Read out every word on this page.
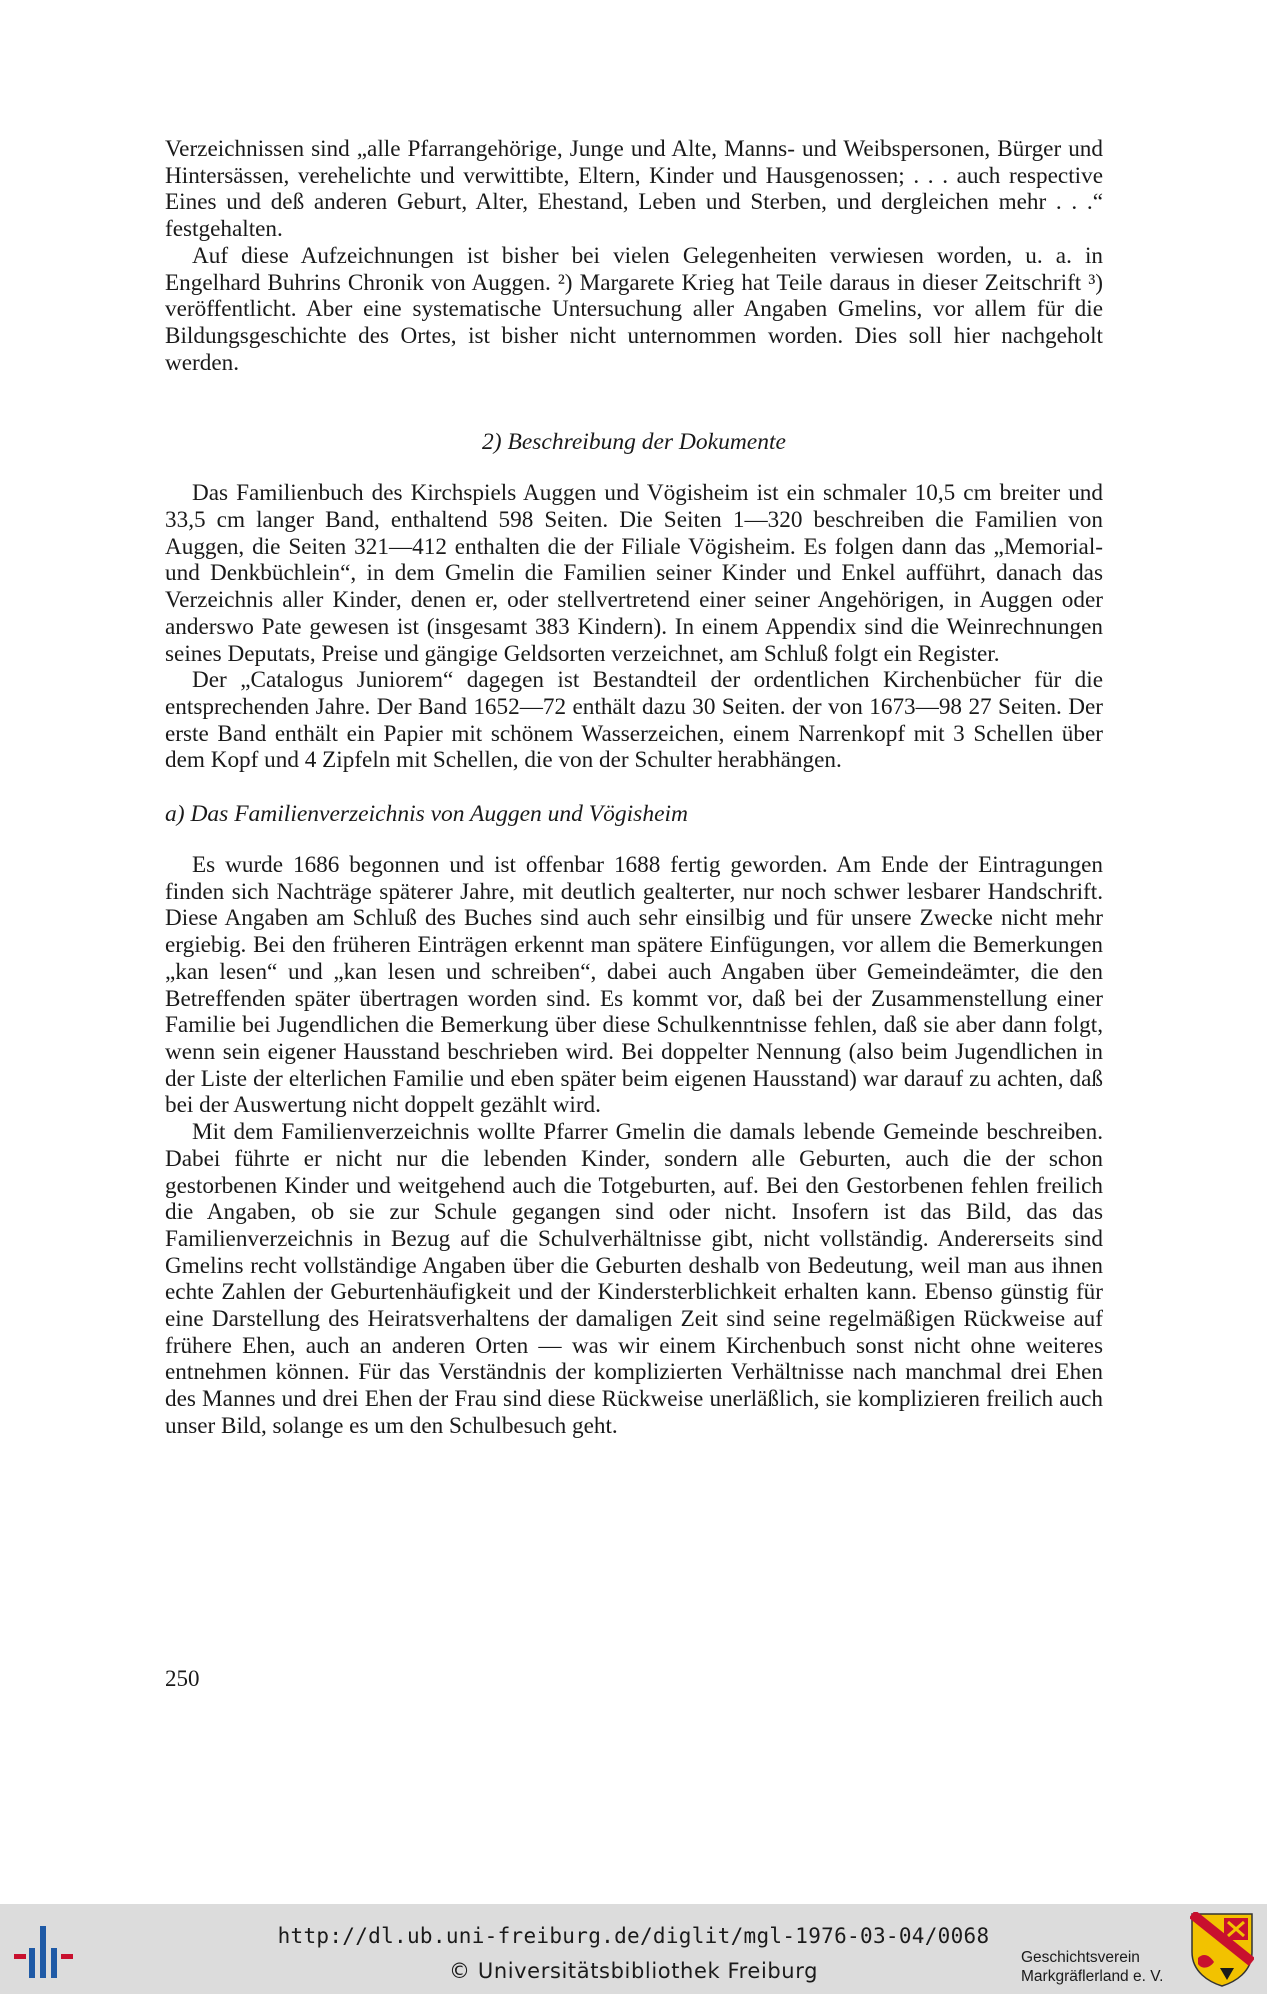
Verzeichnissen sind „alle Pfarrangehörige, Junge und Alte, Manns- und Weibspersonen, Bürger und Hintersässen, verehelichte und verwittibte, Eltern, Kinder und Hausgenossen; . . . auch respective Eines und deß anderen Geburt, Alter, Ehestand, Leben und Sterben, und dergleichen mehr . . .“ festgehalten.

Auf diese Aufzeichnungen ist bisher bei vielen Gelegenheiten verwiesen worden, u. a. in Engelhard Buhrins Chronik von Auggen. ²) Margarete Krieg hat Teile daraus in dieser Zeitschrift ³) veröffentlicht. Aber eine systematische Untersuchung aller Angaben Gmelins, vor allem für die Bildungsgeschichte des Ortes, ist bisher nicht unternommen worden. Dies soll hier nachgeholt werden.

2) Beschreibung der Dokumente

Das Familienbuch des Kirchspiels Auggen und Vögisheim ist ein schmaler 10,5 cm breiter und 33,5 cm langer Band, enthaltend 598 Seiten. Die Seiten 1—320 beschreiben die Familien von Auggen, die Seiten 321—412 enthalten die der Filiale Vögisheim. Es folgen dann das „Memorial- und Denkbüchlein“, in dem Gmelin die Familien seiner Kinder und Enkel aufführt, danach das Verzeichnis aller Kinder, denen er, oder stellvertretend einer seiner Angehörigen, in Auggen oder anderswo Pate gewesen ist (insgesamt 383 Kindern). In einem Appendix sind die Weinrechnungen seines Deputats, Preise und gängige Geldsorten verzeichnet, am Schluß folgt ein Register.

Der „Catalogus Juniorem“ dagegen ist Bestandteil der ordentlichen Kirchenbücher für die entsprechenden Jahre. Der Band 1652—72 enthält dazu 30 Seiten. der von 1673—98 27 Seiten. Der erste Band enthält ein Papier mit schönem Wasserzeichen, einem Narrenkopf mit 3 Schellen über dem Kopf und 4 Zipfeln mit Schellen, die von der Schulter herabhängen.

a) Das Familienverzeichnis von Auggen und Vögisheim

Es wurde 1686 begonnen und ist offenbar 1688 fertig geworden. Am Ende der Eintragungen finden sich Nachträge späterer Jahre, mit deutlich gealterter, nur noch schwer lesbarer Handschrift. Diese Angaben am Schluß des Buches sind auch sehr einsilbig und für unsere Zwecke nicht mehr ergiebig. Bei den früheren Einträgen erkennt man spätere Einfügungen, vor allem die Bemerkungen „kan lesen“ und „kan lesen und schreiben“, dabei auch Angaben über Gemeindeämter, die den Betreffenden später übertragen worden sind. Es kommt vor, daß bei der Zusammenstellung einer Familie bei Jugendlichen die Bemerkung über diese Schulkenntnisse fehlen, daß sie aber dann folgt, wenn sein eigener Hausstand beschrieben wird. Bei doppelter Nennung (also beim Jugendlichen in der Liste der elterlichen Familie und eben später beim eigenen Hausstand) war darauf zu achten, daß bei der Auswertung nicht doppelt gezählt wird.

Mit dem Familienverzeichnis wollte Pfarrer Gmelin die damals lebende Gemeinde beschreiben. Dabei führte er nicht nur die lebenden Kinder, sondern alle Geburten, auch die der schon gestorbenen Kinder und weitgehend auch die Totgeburten, auf. Bei den Gestorbenen fehlen freilich die Angaben, ob sie zur Schule gegangen sind oder nicht. Insofern ist das Bild, das das Familienverzeichnis in Bezug auf die Schulverhältnisse gibt, nicht vollständig. Andererseits sind Gmelins recht vollständige Angaben über die Geburten deshalb von Bedeutung, weil man aus ihnen echte Zahlen der Geburtenhäufigkeit und der Kindersterblichkeit erhalten kann. Ebenso günstig für eine Darstellung des Heiratsverhaltens der damaligen Zeit sind seine regelmäßigen Rückweise auf frühere Ehen, auch an anderen Orten — was wir einem Kirchenbuch sonst nicht ohne weiteres entnehmen können. Für das Verständnis der komplizierten Verhältnisse nach manchmal drei Ehen des Mannes und drei Ehen der Frau sind diese Rückweise unerläßlich, sie komplizieren freilich auch unser Bild, solange es um den Schulbesuch geht.

250
http://dl.ub.uni-freiburg.de/diglit/mgl-1976-03-04/0068
© Universitätsbibliothek Freiburg
Geschichtsverein
Markgräflerland e. V.
